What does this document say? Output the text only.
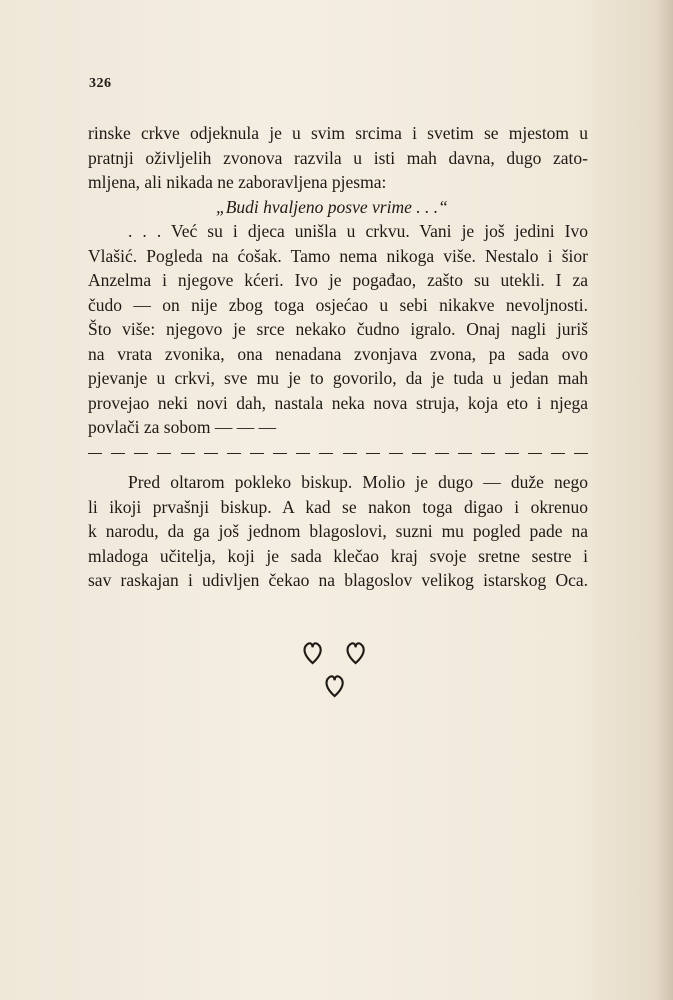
326
rinske crkve odjeknula je u svim srcima i svetim se mjestom u
pratnji oživljelih zvonova razvila u isti mah davna, dugo zato-
mljena, ali nikada ne zaboravljena pjesma:
„Budi hvaljeno posve vrime . . .“
. . . Već su i djeca unišla u crkvu. Vani je još jedini Ivo
Vlašić. Pogleda na ćošak. Tamo nema nikoga više. Nestalo i šior
Anzelma i njegove kćeri. Ivo je pogađao, zašto su utekli. I za
čudo — on nije zbog toga osjećao u sebi nikakve nevoljnosti.
Što više: njegovo je srce nekako čudno igralo. Onaj nagli juriš
na vrata zvonika, ona nenadana zvonjava zvona, pa sada ovo
pjevanje u crkvi, sve mu je to govorilo, da je tuda u jedan mah
provejao neki novi dah, nastala neka nova struja, koja eto i njega
povlači za sobom — — —
Pred oltarom pokleko biskup. Molio je dugo — duže nego
li ikoji prvašnji biskup. A kad se nakon toga digao i okrenuo
k narodu, da ga još jednom blagoslovi, suzni mu pogled pade na
mladoga učitelja, koji je sada klečao kraj svoje sretne sestre i
sav raskajan i udivljen čekao na blagoslov velikog istarskog Oca.
